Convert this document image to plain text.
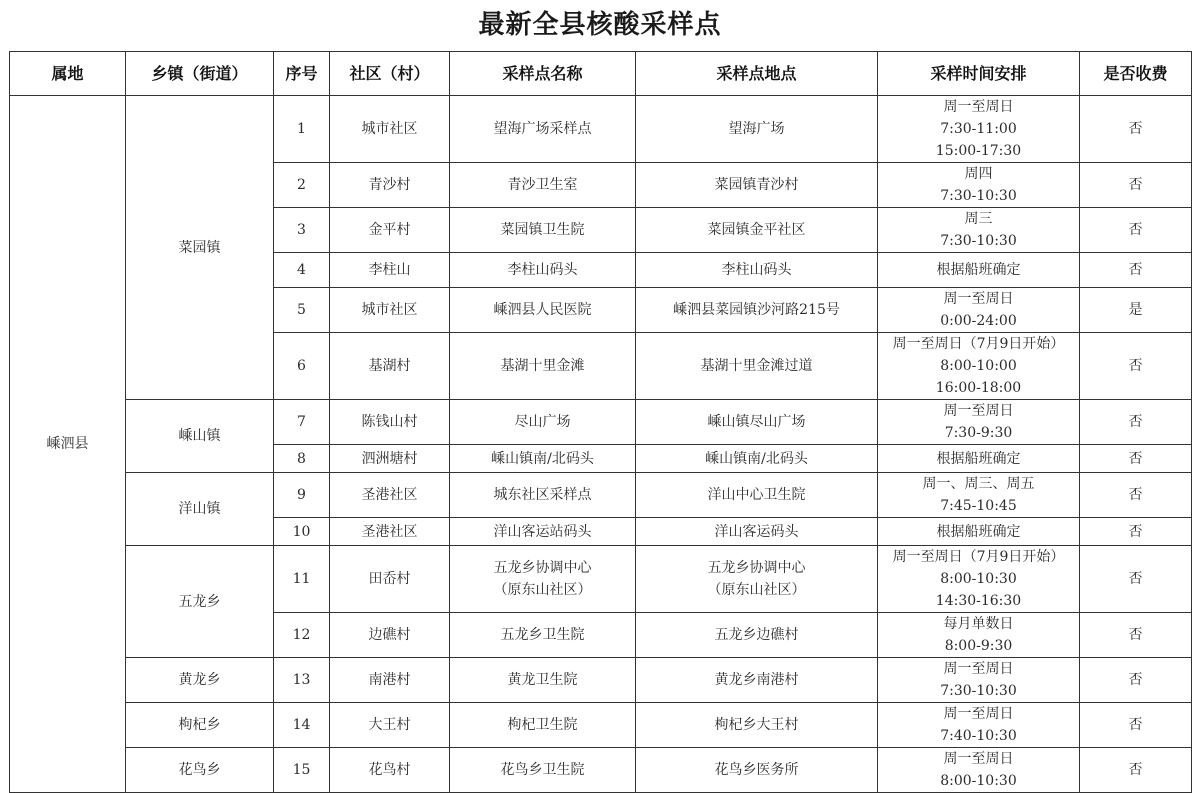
最新全县核酸采样点
属地	乡镇（街道）	序号	社区（村）	采样点名称	采样点地点	采样时间安排	是否收费
嵊泗县	菜园镇	1	城市社区	望海广场采样点	望海广场	周一至周日
7:30-11:00
15:00-17:30	否
		2	青沙村	青沙卫生室	菜园镇青沙村	周四
7:30-10:30	否
		3	金平村	菜园镇卫生院	菜园镇金平社区	周三
7:30-10:30	否
		4	李柱山	李柱山码头	李柱山码头	根据船班确定	否
		5	城市社区	嵊泗县人民医院	嵊泗县菜园镇沙河路215号	周一至周日
0:00-24:00	是
		6	基湖村	基湖十里金滩	基湖十里金滩过道	周一至周日（7月9日开始）
8:00-10:00
16:00-18:00	否
	嵊山镇	7	陈钱山村	尽山广场	嵊山镇尽山广场	周一至周日
7:30-9:30	否
		8	泗洲塘村	嵊山镇南/北码头	嵊山镇南/北码头	根据船班确定	否
	洋山镇	9	圣港社区	城东社区采样点	洋山中心卫生院	周一、周三、周五
7:45-10:45	否
		10	圣港社区	洋山客运站码头	洋山客运码头	根据船班确定	否
	五龙乡	11	田岙村	五龙乡协调中心
（原东山社区）	五龙乡协调中心
（原东山社区）	周一至周日（7月9日开始）
8:00-10:30
14:30-16:30	否
		12	边礁村	五龙乡卫生院	五龙乡边礁村	每月单数日
8:00-9:30	否
	黄龙乡	13	南港村	黄龙卫生院	黄龙乡南港村	周一至周日
7:30-10:30	否
	枸杞乡	14	大王村	枸杞卫生院	枸杞乡大王村	周一至周日
7:40-10:30	否
	花鸟乡	15	花鸟村	花鸟乡卫生院	花鸟乡医务所	周一至周日
8:00-10:30	否
